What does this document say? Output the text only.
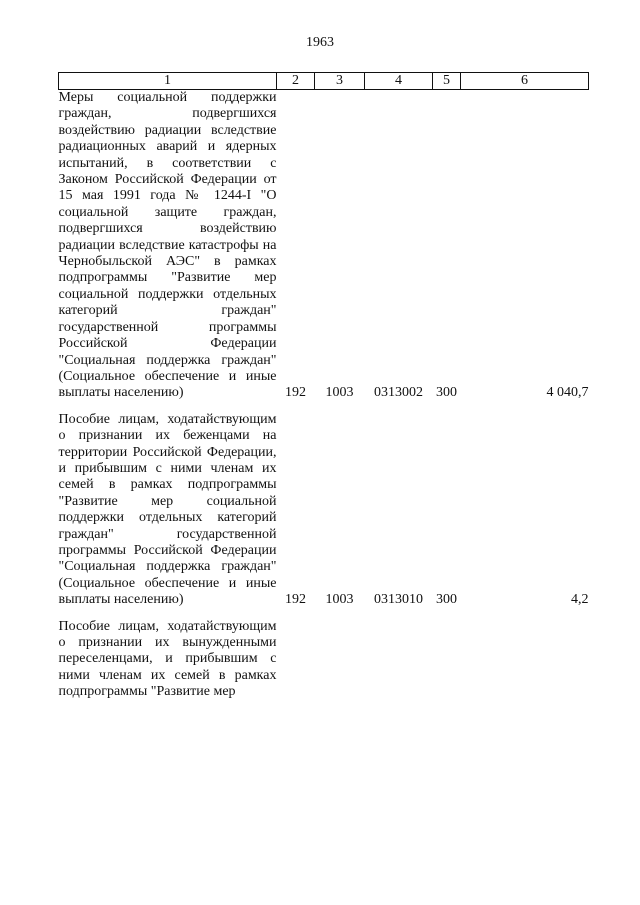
1963
1	2	3	4	5	6
Меры социальной поддержки граждан, подвергшихся воздействию радиации вследствие радиационных аварий и ядерных испытаний, в соответствии с Законом Российской Федерации от 15 мая 1991 года № 1244-I "О социальной защите граждан, подвергшихся воздействию радиации вследствие катастрофы на Чернобыльской АЭС" в рамках подпрограммы "Развитие мер социальной поддержки отдельных категорий граждан" государственной программы Российской Федерации "Социальная поддержка граждан" (Социальное обеспечение и иные выплаты населению)	192	1003	0313002	300	4 040,7

Пособие лицам, ходатайствующим о признании их беженцами на территории Российской Федерации, и прибывшим с ними членам их семей в рамках подпрограммы "Развитие мер социальной поддержки отдельных категорий граждан" государственной программы Российской Федерации "Социальная поддержка граждан" (Социальное обеспечение и иные выплаты населению)	192	1003	0313010	300	4,2

Пособие лицам, ходатайствующим о признании их вынужденными переселенцами, и прибывшим с ними членам их семей в рамках подпрограммы "Развитие мер					
